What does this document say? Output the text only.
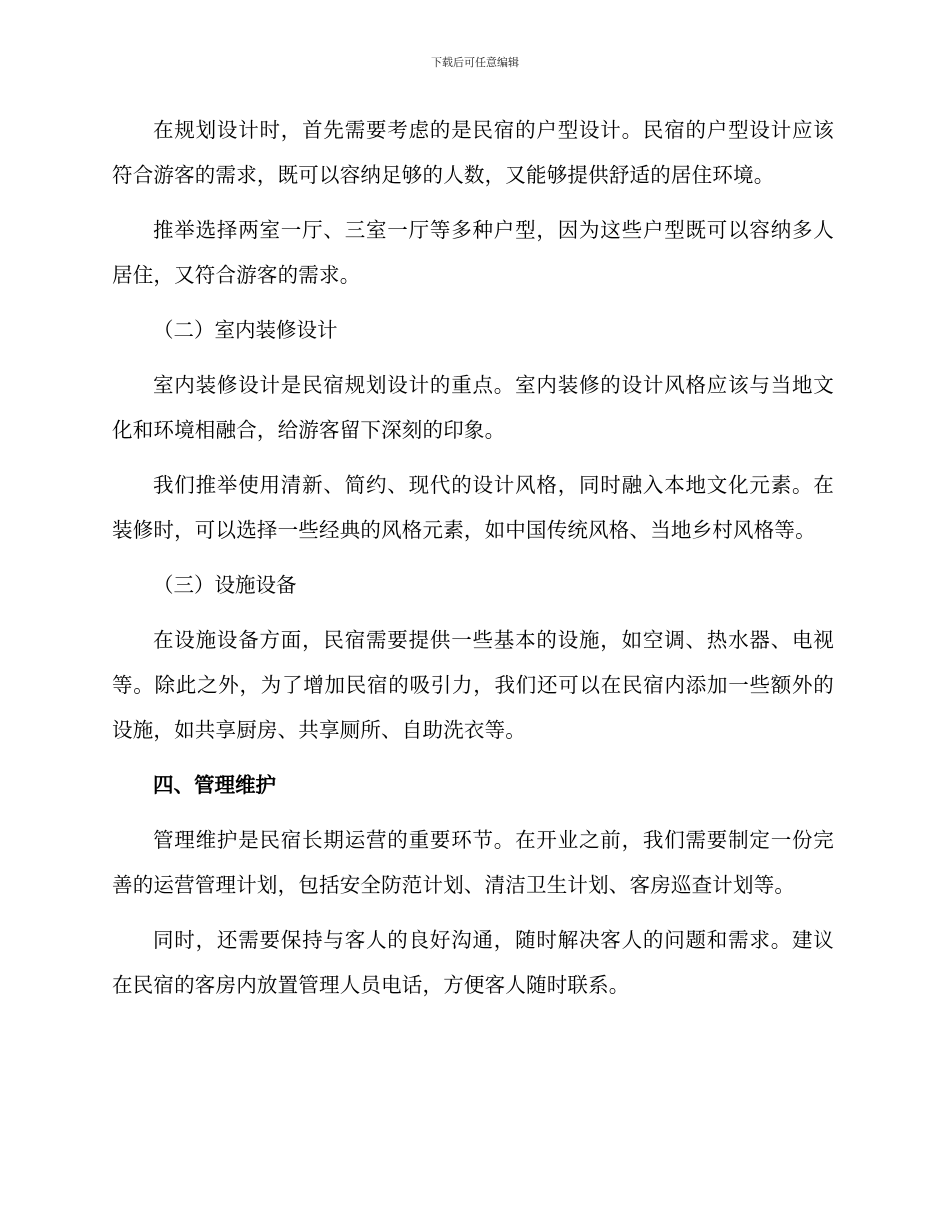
下载后可任意编辑

在规划设计时，首先需要考虑的是民宿的户型设计。民宿的户型设计应该符合游客的需求，既可以容纳足够的人数，又能够提供舒适的居住环境。

推举选择两室一厅、三室一厅等多种户型，因为这些户型既可以容纳多人居住，又符合游客的需求。

（二）室内装修设计

室内装修设计是民宿规划设计的重点。室内装修的设计风格应该与当地文化和环境相融合，给游客留下深刻的印象。

我们推举使用清新、简约、现代的设计风格，同时融入本地文化元素。在装修时，可以选择一些经典的风格元素，如中国传统风格、当地乡村风格等。

（三）设施设备

在设施设备方面，民宿需要提供一些基本的设施，如空调、热水器、电视等。除此之外，为了增加民宿的吸引力，我们还可以在民宿内添加一些额外的设施，如共享厨房、共享厕所、自助洗衣等。

四、管理维护

管理维护是民宿长期运营的重要环节。在开业之前，我们需要制定一份完善的运营管理计划，包括安全防范计划、清洁卫生计划、客房巡查计划等。

同时，还需要保持与客人的良好沟通，随时解决客人的问题和需求。建议在民宿的客房内放置管理人员电话，方便客人随时联系。
